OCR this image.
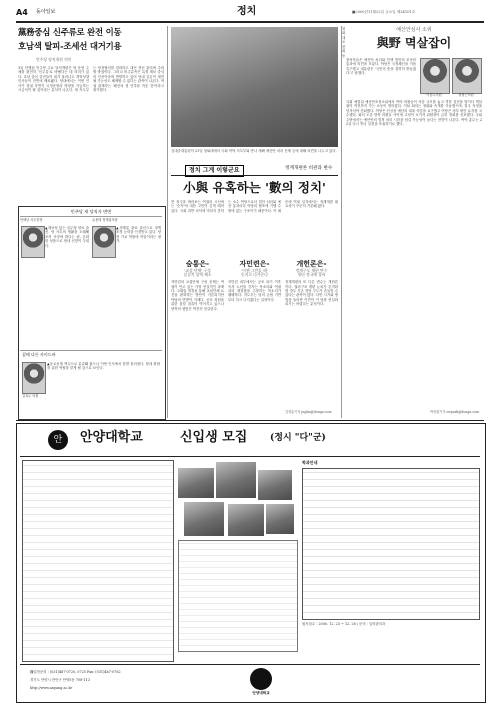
A4 동아일보	정치	■2000년11월22일 금요일 제24101호
黨務중심 신주류로 완전 이동
호남색 탈피-조세선 대거기용
민주당 당직개편 의미
3일 단행된 민주당 주요 당직개편은 당 운영 주체를 완전히 '신주류'로 바꿨다는 데 의미가 있다. 호남 출신 중진들이 대거 물러나고 개혁성향 인사들이 전면에 배치됐다. 당내에서는 이번 인사가 정권 후반기 국정운영의 방향을 가늠하는 시금석이 될 것이라는 분석이 나온다. 새 지도부는 당정협의를 강화하고 대선 경선 관리에 주력할 방침이다. 그러나 비주류측은 특정 계보 중심의 인선이라며 반발하고 있어 당내 갈등이 재연될 가능성도 배제할 수 없다는 관측이 나온다. 여권 관계자는 '쇄신의 첫 단추를 끼운 것'이라고 평가했다.
민주당 새 당직자 면면
안택남 사무총장
▲계보성 없는 실무형 당료 출신. 당 사무처 생활을 오래해 조직 사정에 밝다는 평. 온화한 성품으로 당내 신망이 두텁다.
유용태 정책위의장
▲경제통 관료 출신으로 정책 조정 능력을 인정받고 있다. 당정 가교 역할에 적임이라는 평가.
곁에 다른 사이드바
김옥두 의원
▲동교동계 핵심으로 분류돼 왔으나 이번 인사에서 한발 물러섰다. 당내 화합을 위한 역할을 맡게 될 것으로 보인다.
김대중대통령이 21일 청와대에서 국회 여야 지도부와 만나 새해 예산안 처리 문제 등에 대해 의견을 나누고 있다.
청와대 오찬 회동
정치 그게 이렇군요	정계개편론 비관과 변수
小與 유혹하는 '數의 정치'
현 정국을 바라보는 여권의 시선에는 '숫자'에 대한 고민이 깊게 배어 있다. 국회 과반 의석에 미치지 못하는 소수 여당으로서 법안 처리와 예산 통과마다 야당의 협조에 기댈 수밖에 없는 구조이기 때문이다. 이 때문에 여권 일각에서는 정계개편 필요성이 꾸준히 거론돼 왔다.
숨통은-
'교섭 단체' 구성
실질적 장벽 해소
자민련의 교섭단체 구성 문제는 여권이 안고 있는 가장 현실적인 과제다. 국회법 개정을 통해 교섭단체 요건을 완화하는 방안이 거론되지만 야당의 반발이 거세다. 공조 복원을 위한 물밑 접촉이 이어지고 있으나 양측의 셈법은 여전히 엇갈린다.
자민련은-
'이젠 그만둘 때'
동지로 다가온다
자민련 내부에서는 공조 파기 이후 독자 노선을 걷자는 목소리와 여권과의 재결합을 주장하는 목소리가 팽팽하다. 지도부는 당의 존립 기반부터 다시 다지겠다는 입장이다.
개헌론은-
정계구도 재편 변수
내년 정국에 불씨
정계개편의 또 다른 변수는 개헌론이다. 권력구조 개편 논의가 본격화할 경우 기존 정당 구도가 흔들릴 수 있다는 관측이 많다. 다만 시기와 방법을 둘러싼 이견이 커 당장 현실화되기는 어렵다는 분석이다.
김정훈기자 jnghn@donga.com
예산안심사 소위
與野 멱살잡이
이윤수의원	정형근의원
참석자들은 예산안 처리와 민생 법안의 조속한 통과에 의견을 모았다. 야당은 국정쇄신을 거듭 촉구했고 대통령은 '국민의 뜻을 겸허히 받들겠다'고 답했다.
국회 예결위 예산안조정소위에서 여야 의원들이 삭감 규모를 놓고 격한 설전을 벌이다 멱살잡이 직전까지 가는 소동이 벌어졌다. 이날 회의는 정회와 속개를 거듭했으며, 결국 자정을 넘겨서야 산회했다. 야당은 선심성 예산의 대폭 삭감을 요구했고 여당은 정부 원안 유지를 고수했다. 회의 도중 양측 의원들 사이에 고성이 오가자 위원장이 급히 정회를 선포했다. 국회 주변에서는 예산안의 법정 처리 시한을 넘길 가능성이 높다는 전망이 나온다. 여야 총무는 22일 다시 만나 일정을 조율하기로 했다.
박성원기자 swpark@donga.com
안	안양대학교	신입생 모집	(정시 "다"군)
학과안내
원서접수 : 2000. 12. 23 ~ 12. 28 / 문의 : 입학관리과
☎입학문의 : (031)467-0720, 0725 Fax: (031)467-0762
경기도 안양시 만안구 안양5동 708-113
http://www.anyang.ac.kr
안양대학교
